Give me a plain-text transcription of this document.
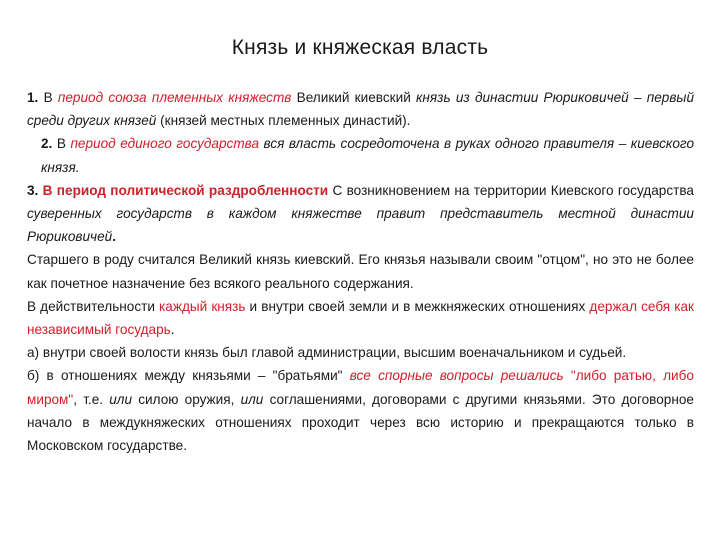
Князь и княжеская власть

1. В период союза племенных княжеств Великий киевский князь из династии Рюриковичей – первый среди других князей (князей местных племенных династий).

2. В период единого государства вся власть сосредоточена в руках одного правителя – киевского князя.

3. В период политической раздробленности С возникновением на территории Киевского государства суверенных государств в каждом княжестве правит представитель местной династии Рюриковичей.

Старшего в роду считался Великий князь киевский. Его князья называли своим "отцом", но это не более как почетное назначение без всякого реального содержания.

В действительности каждый князь и внутри своей земли и в межкняжеских отношениях держал себя как независимый государь.

а) внутри своей волости князь был главой администрации, высшим военачальником и судьей.

б) в отношениях между князьями – "братьями" все спорные вопросы решались "либо ратью, либо миром", т.е. или силою оружия, или соглашениями, договорами с другими князьями. Это договорное начало в междукняжеских отношениях проходит через всю историю и прекращаются только в Московском государстве.
